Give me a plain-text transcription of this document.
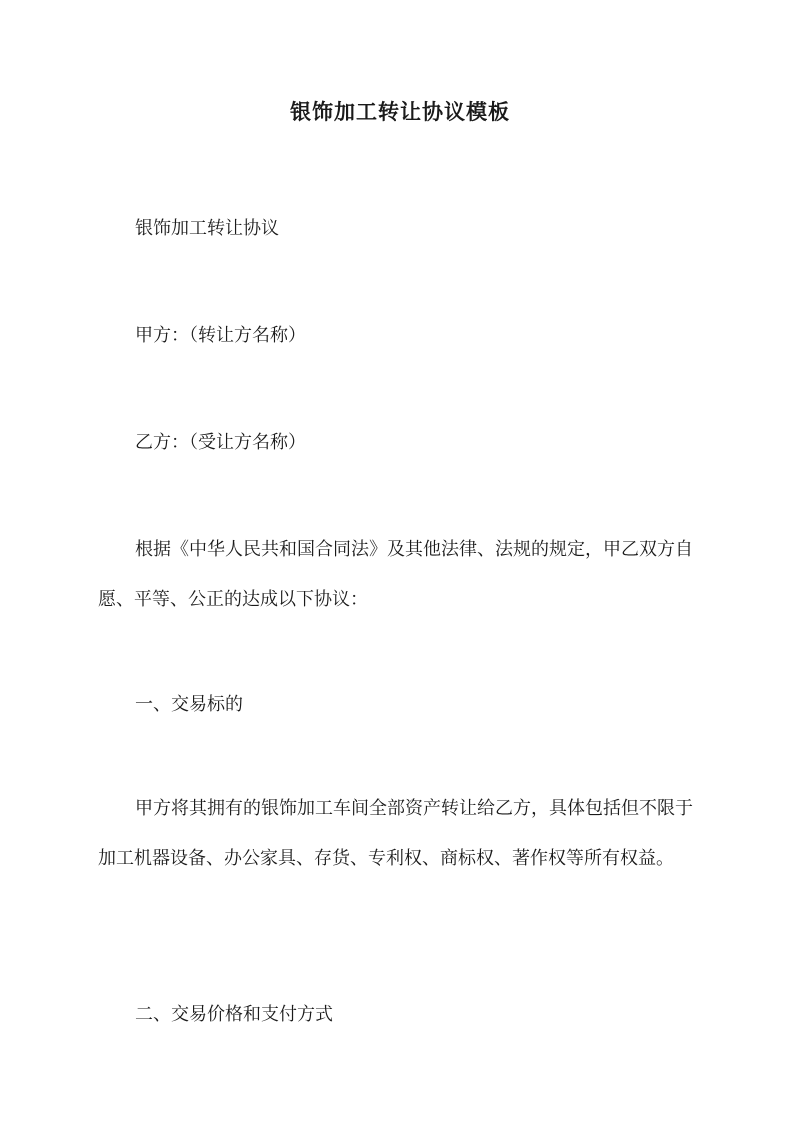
银饰加工转让协议模板

银饰加工转让协议

甲方：（转让方名称）

乙方：（受让方名称）

根据《中华人民共和国合同法》及其他法律、法规的规定，甲乙双方自愿、平等、公正的达成以下协议：

一、交易标的

甲方将其拥有的银饰加工车间全部资产转让给乙方，具体包括但不限于加工机器设备、办公家具、存货、专利权、商标权、著作权等所有权益。

二、交易价格和支付方式
